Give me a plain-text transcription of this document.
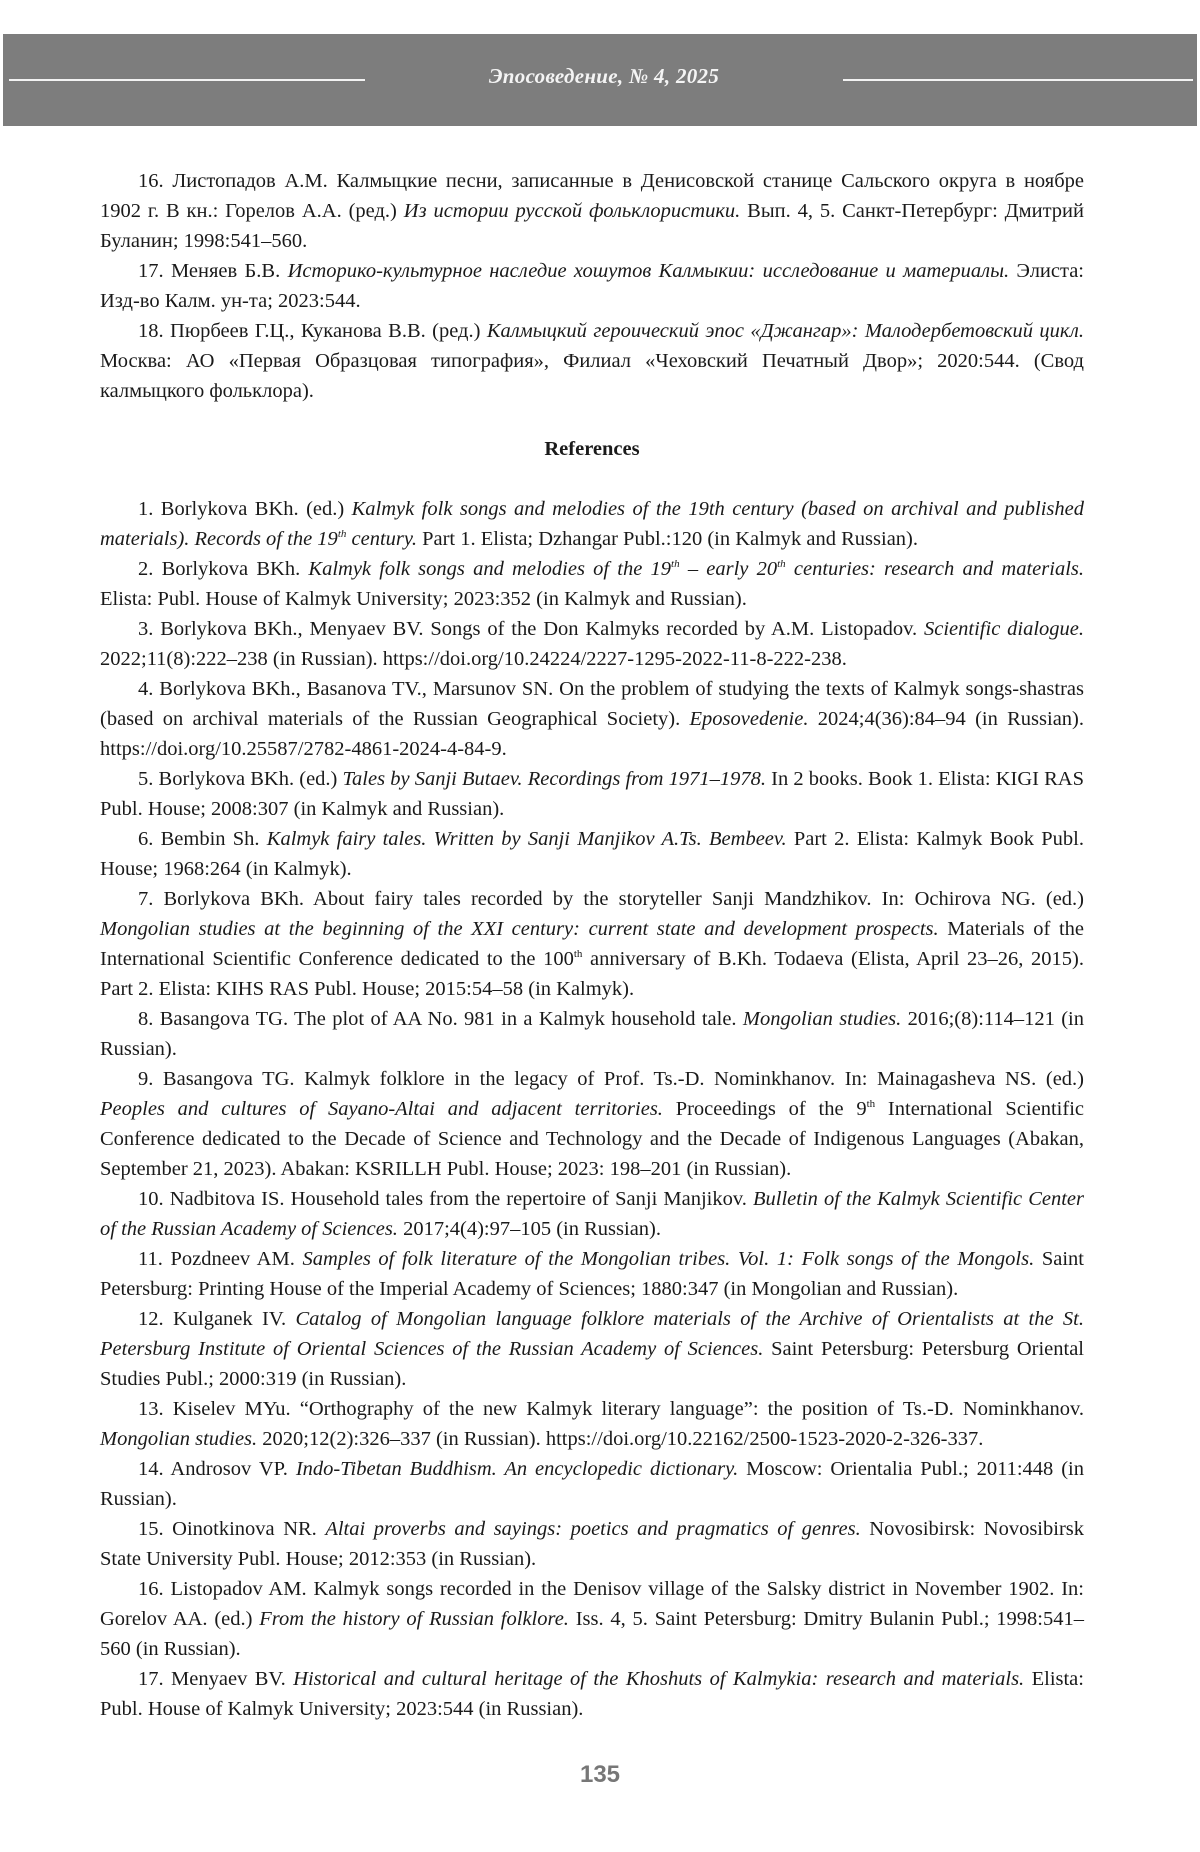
Эпосоведение, № 4, 2025

16. Листопадов А.М. Калмыцкие песни, записанные в Денисовской станице Сальского округа в ноябре 1902 г. В кн.: Горелов А.А. (ред.) Из истории русской фольклористики. Вып. 4, 5. Санкт-Петербург: Дмитрий Буланин; 1998:541–560.

17. Меняев Б.В. Историко-культурное наследие хошутов Калмыкии: исследование и материалы. Элиста: Изд-во Калм. ун-та; 2023:544.

18. Пюрбеев Г.Ц., Куканова В.В. (ред.) Калмыцкий героический эпос «Джангар»: Малодербетовский цикл. Москва: АО «Первая Образцовая типография», Филиал «Чеховский Печатный Двор»; 2020:544. (Свод калмыцкого фольклора).

References

1. Borlykova BKh. (ed.) Kalmyk folk songs and melodies of the 19th century (based on archival and published materials). Records of the 19th century. Part 1. Elista; Dzhangar Publ.:120 (in Kalmyk and Russian).

2. Borlykova BKh. Kalmyk folk songs and melodies of the 19th – early 20th centuries: research and materials. Elista: Publ. House of Kalmyk University; 2023:352 (in Kalmyk and Russian).

3. Borlykova BKh., Menyaev BV. Songs of the Don Kalmyks recorded by A.M. Listopadov. Scientific dialogue. 2022;11(8):222–238 (in Russian). https://doi.org/10.24224/2227-1295-2022-11-8-222-238.

4. Borlykova BKh., Basanova TV., Marsunov SN. On the problem of studying the texts of Kalmyk songs-shastras (based on archival materials of the Russian Geographical Society). Eposovedenie. 2024;4(36):84–94 (in Russian). https://doi.org/10.25587/2782-4861-2024-4-84-9.

5. Borlykova BKh. (ed.) Tales by Sanji Butaev. Recordings from 1971–1978. In 2 books. Book 1. Elista: KIGI RAS Publ. House; 2008:307 (in Kalmyk and Russian).

6. Bembin Sh. Kalmyk fairy tales. Written by Sanji Manjikov A.Ts. Bembeev. Part 2. Elista: Kalmyk Book Publ. House; 1968:264 (in Kalmyk).

7. Borlykova BKh. About fairy tales recorded by the storyteller Sanji Mandzhikov. In: Ochirova NG. (ed.) Mongolian studies at the beginning of the XXI century: current state and development prospects. Materials of the International Scientific Conference dedicated to the 100th anniversary of B.Kh. Todaeva (Elista, April 23–26, 2015). Part 2. Elista: KIHS RAS Publ. House; 2015:54–58 (in Kalmyk).

8. Basangova TG. The plot of AA No. 981 in a Kalmyk household tale. Mongolian studies. 2016;(8):114–121 (in Russian).

9. Basangova TG. Kalmyk folklore in the legacy of Prof. Ts.-D. Nominkhanov. In: Mainagasheva NS. (ed.) Peoples and cultures of Sayano-Altai and adjacent territories. Proceedings of the 9th International Scientific Conference dedicated to the Decade of Science and Technology and the Decade of Indigenous Languages (Abakan, September 21, 2023). Abakan: KSRILLH Publ. House; 2023: 198–201 (in Russian).

10. Nadbitova IS. Household tales from the repertoire of Sanji Manjikov. Bulletin of the Kalmyk Scientific Center of the Russian Academy of Sciences. 2017;4(4):97–105 (in Russian).

11. Pozdneev AM. Samples of folk literature of the Mongolian tribes. Vol. 1: Folk songs of the Mongols. Saint Petersburg: Printing House of the Imperial Academy of Sciences; 1880:347 (in Mongolian and Russian).

12. Kulganek IV. Catalog of Mongolian language folklore materials of the Archive of Orientalists at the St. Petersburg Institute of Oriental Sciences of the Russian Academy of Sciences. Saint Petersburg: Petersburg Oriental Studies Publ.; 2000:319 (in Russian).

13. Kiselev MYu. “Orthography of the new Kalmyk literary language”: the position of Ts.-D. Nominkhanov. Mongolian studies. 2020;12(2):326–337 (in Russian). https://doi.org/10.22162/2500-1523-2020-2-326-337.

14. Androsov VP. Indo-Tibetan Buddhism. An encyclopedic dictionary. Moscow: Orientalia Publ.; 2011:448 (in Russian).

15. Oinotkinova NR. Altai proverbs and sayings: poetics and pragmatics of genres. Novosibirsk: Novosibirsk State University Publ. House; 2012:353 (in Russian).

16. Listopadov AM. Kalmyk songs recorded in the Denisov village of the Salsky district in November 1902. In: Gorelov AA. (ed.) From the history of Russian folklore. Iss. 4, 5. Saint Petersburg: Dmitry Bulanin Publ.; 1998:541–560 (in Russian).

17. Menyaev BV. Historical and cultural heritage of the Khoshuts of Kalmykia: research and materials. Elista: Publ. House of Kalmyk University; 2023:544 (in Russian).

135
